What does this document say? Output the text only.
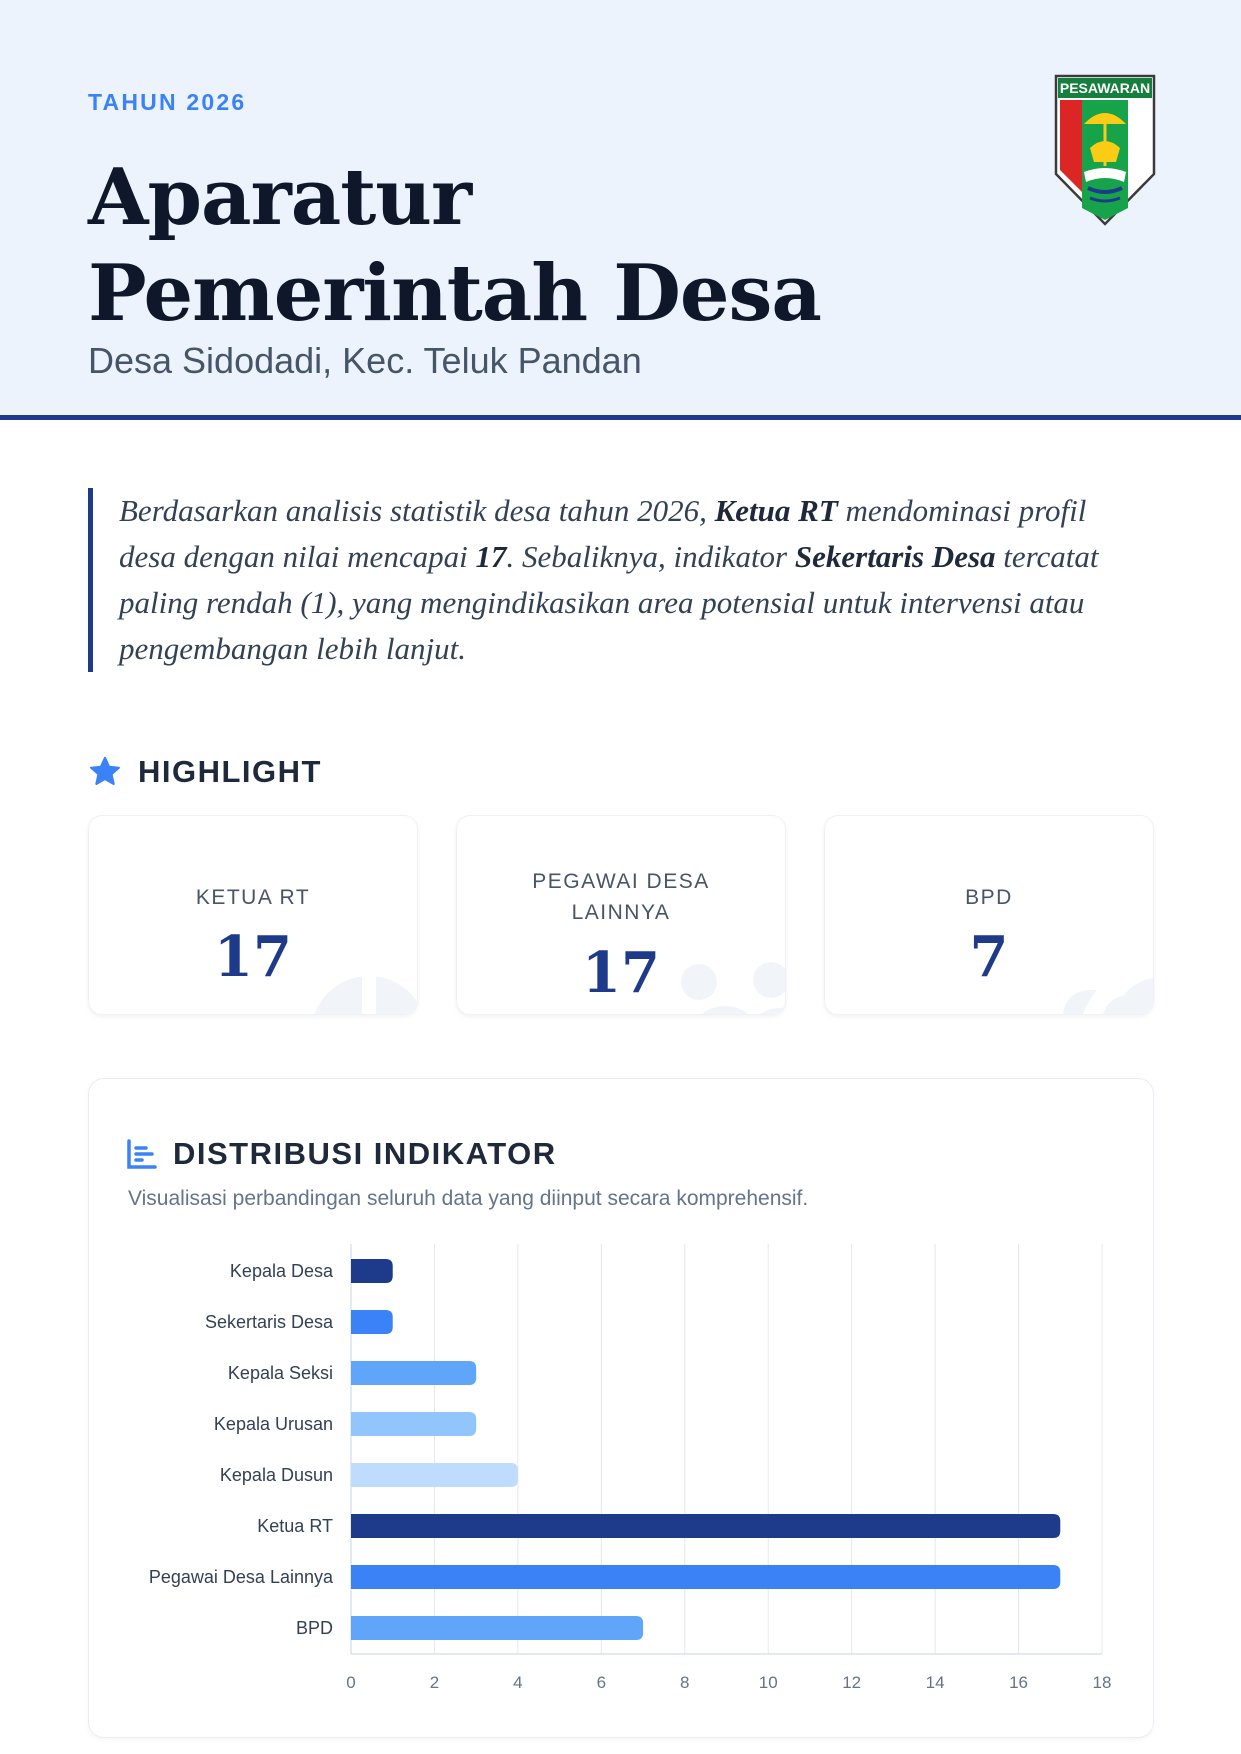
TAHUN 2026
Aparatur Pemerintah Desa
Desa Sidodadi, Kec. Teluk Pandan
PESAWARAN

Berdasarkan analisis statistik desa tahun 2026, Ketua RT mendominasi profil desa dengan nilai mencapai 17. Sebaliknya, indikator Sekertaris Desa tercatat paling rendah (1), yang mengindikasikan area potensial untuk intervensi atau pengembangan lebih lanjut.

HIGHLIGHT
KETUA RT
17
PEGAWAI DESA LAINNYA
17
BPD
7
0	2	4	6	8	10	12	14	16	18
Kepala Desa
Sekertaris Desa
Kepala Seksi
Kepala Urusan
Kepala Dusun
Ketua RT
Pegawai Desa Lainnya
BPD
DISTRIBUSI INDIKATOR
Visualisasi perbandingan seluruh data yang diinput secara komprehensif.
